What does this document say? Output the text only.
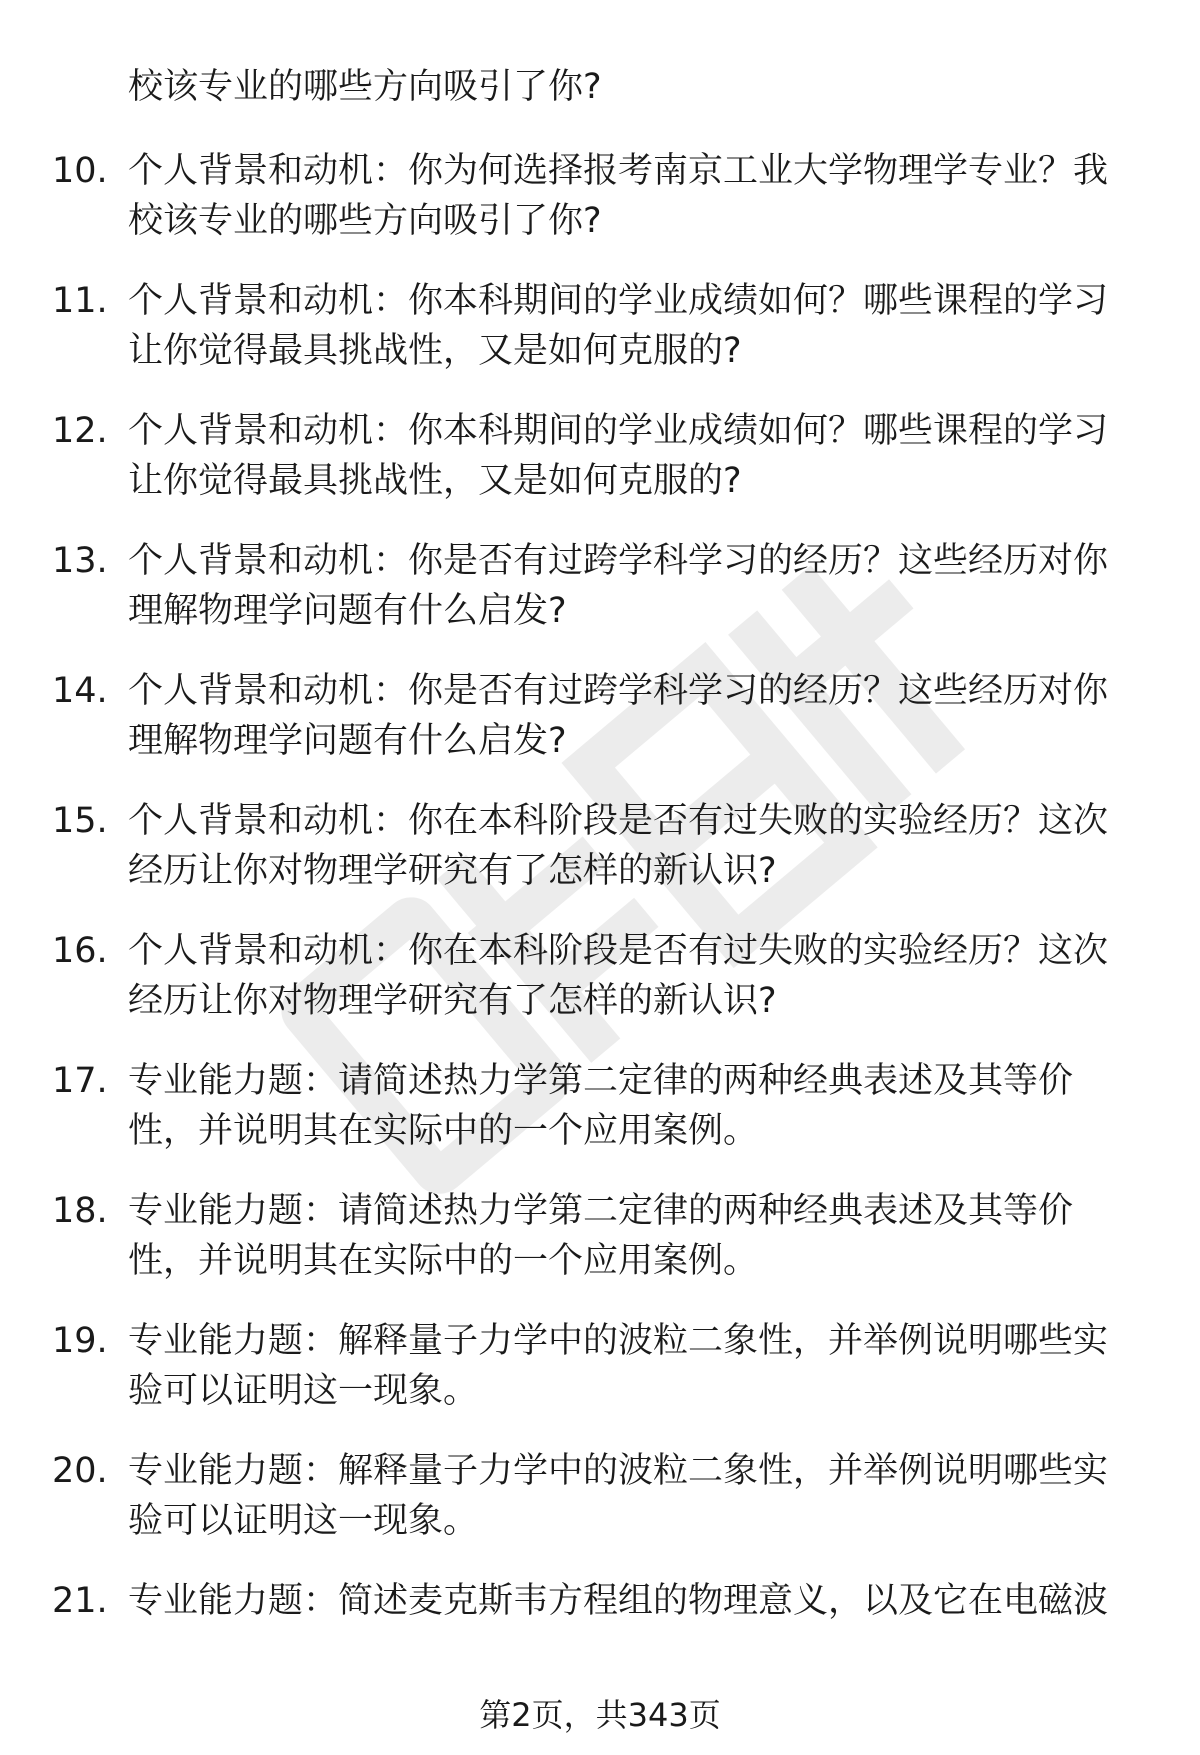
校该专业的哪些方向吸引了你?
10. 个人背景和动机：你为何选择报考南京工业大学物理学专业？我
校该专业的哪些方向吸引了你?
11. 个人背景和动机：你本科期间的学业成绩如何？哪些课程的学习
让你觉得最具挑战性，又是如何克服的?
12. 个人背景和动机：你本科期间的学业成绩如何？哪些课程的学习
让你觉得最具挑战性，又是如何克服的?
13. 个人背景和动机：你是否有过跨学科学习的经历？这些经历对你
理解物理学问题有什么启发?
14. 个人背景和动机：你是否有过跨学科学习的经历？这些经历对你
理解物理学问题有什么启发?
15. 个人背景和动机：你在本科阶段是否有过失败的实验经历？这次
经历让你对物理学研究有了怎样的新认识?
16. 个人背景和动机：你在本科阶段是否有过失败的实验经历？这次
经历让你对物理学研究有了怎样的新认识?
17. 专业能力题：请简述热力学第二定律的两种经典表述及其等价
性，并说明其在实际中的一个应用案例。
18. 专业能力题：请简述热力学第二定律的两种经典表述及其等价
性，并说明其在实际中的一个应用案例。
19. 专业能力题：解释量子力学中的波粒二象性，并举例说明哪些实
验可以证明这一现象。
20. 专业能力题：解释量子力学中的波粒二象性，并举例说明哪些实
验可以证明这一现象。
21. 专业能力题：简述麦克斯韦方程组的物理意义，以及它在电磁波
第2页，共343页
